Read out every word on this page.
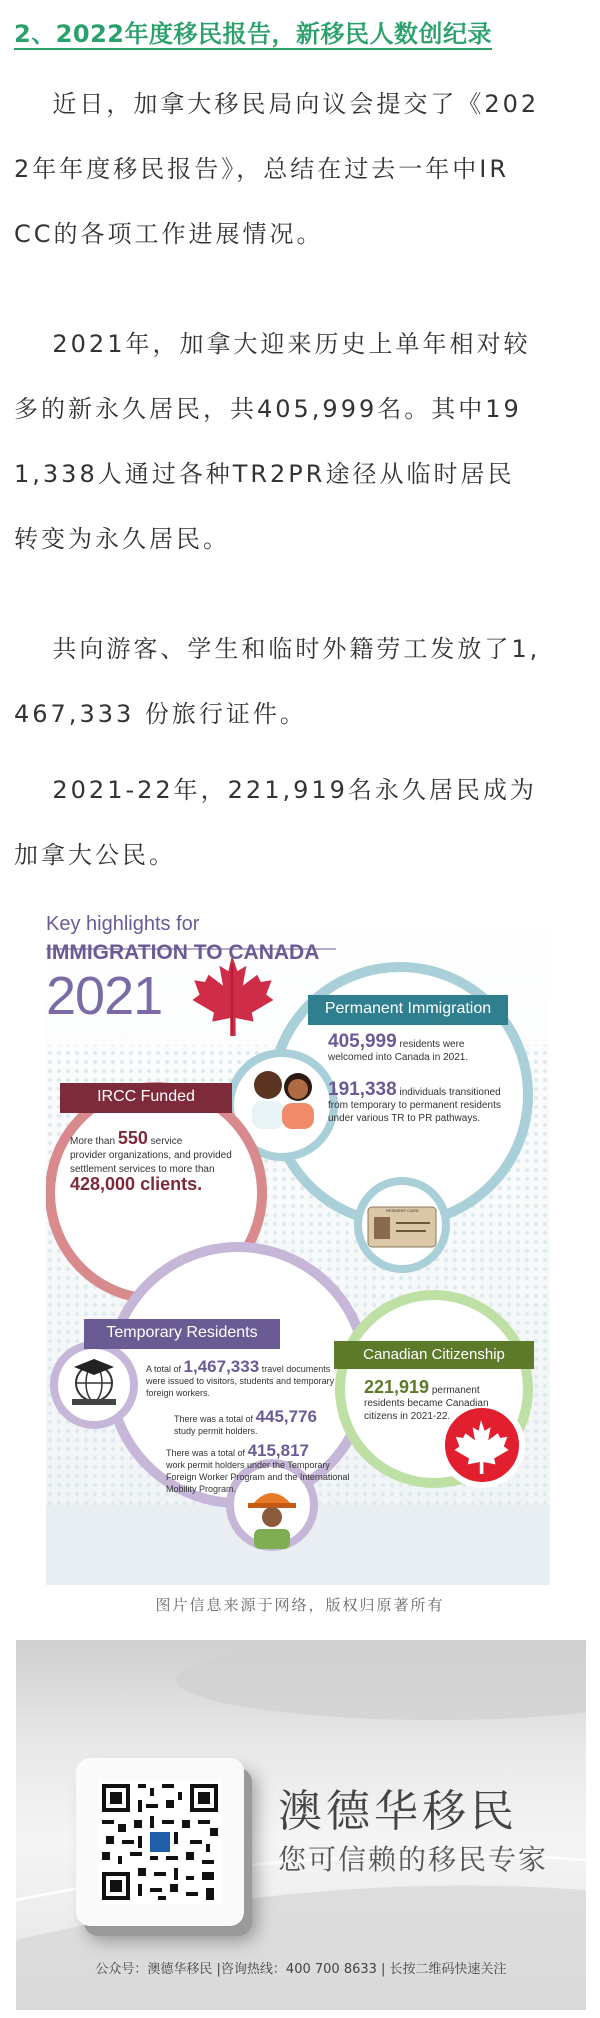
2、2022年度移民报告，新移民人数创纪录
近日，加拿大移民局向议会提交了《202
2年年度移民报告》，总结在过去一年中IR
CC的各项工作进展情况。
2021年，加拿大迎来历史上单年相对较
多的新永久居民，共405,999名。其中19
1,338人通过各种TR2PR途径从临时居民
转变为永久居民。
共向游客、学生和临时外籍劳工发放了1,
467,333 份旅行证件。
2021-22年，221,919名永久居民成为
加拿大公民。
Key highlights for
IMMIGRATION TO CANADA
2021	Permanent Immigration
405,999 residents were
welcomed into Canada in 2021.
191,338 individuals transitioned
from temporary to permanent residents
under various TR to PR pathways.
RESIDENT CARD
IRCC Funded
More than 550 service
provider organizations, and provided
settlement services to more than
428,000 clients.
Temporary Residents
A total of 1,467,333 travel documents
were issued to visitors, students and temporary
foreign workers.
There was a total of 445,776
study permit holders.
There was a total of 415,817
work permit holders under the Temporary
Foreign Worker Program and the International
Mobility Program.
Canadian Citizenship
221,919 permanent
residents became Canadian
citizens in 2021-22.
图片信息来源于网络，版权归原著所有
澳德华移民
您可信赖的移民专家
公众号：澳德华移民 |咨询热线：400 700 8633 | 长按二维码快速关注
